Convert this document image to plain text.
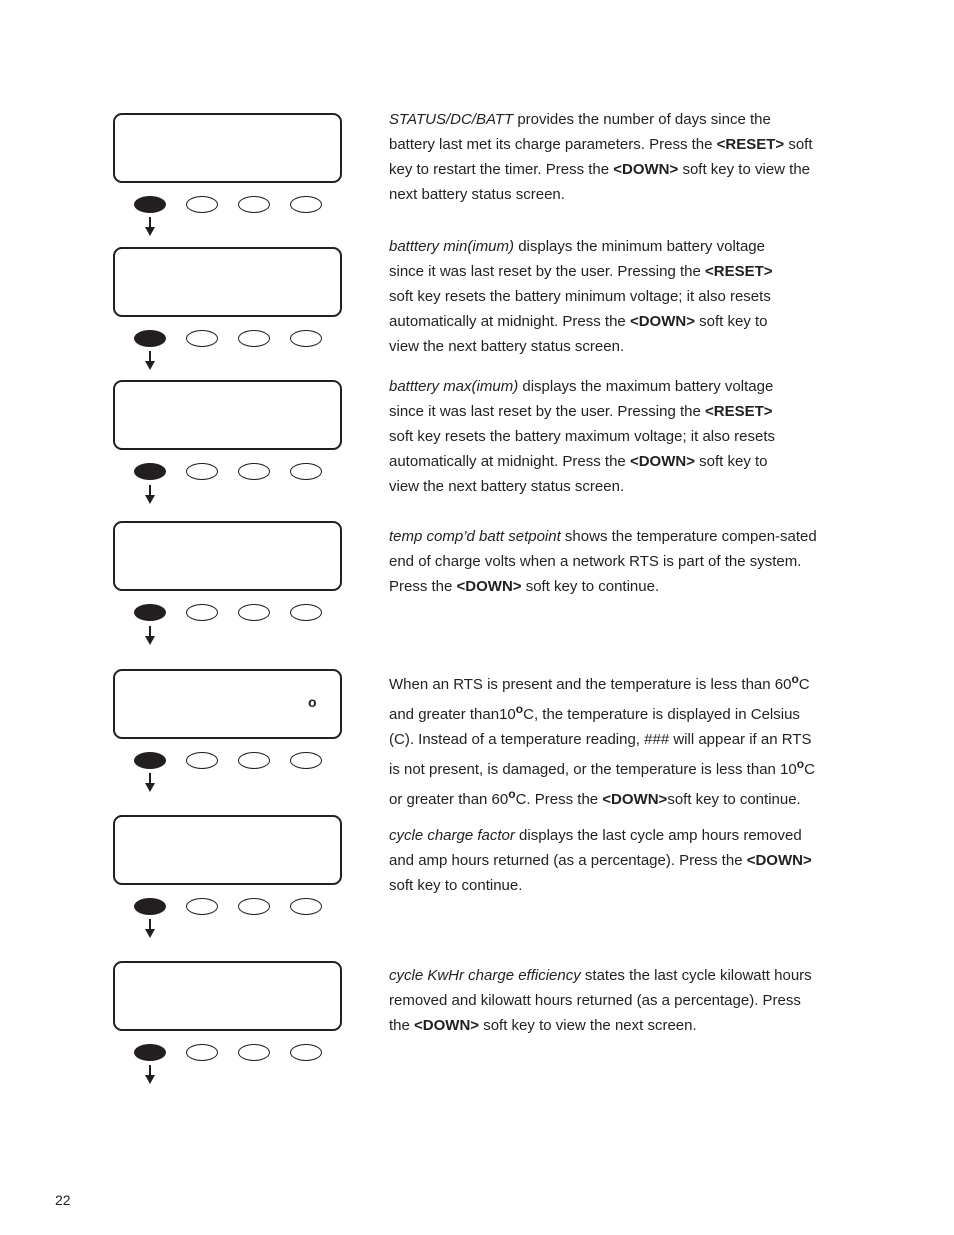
o

STATUS/DC/BATT provides the number of days since the battery last met its charge parameters. Press the <RESET> soft key to restart the timer. Press the <DOWN> soft key to view the next battery status screen.

batttery min(imum) displays the minimum battery voltage since it was last reset by the user. Pressing the <RESET> soft key resets the battery minimum voltage; it also resets automatically at midnight. Press the <DOWN> soft key to view the next battery status screen.

batttery max(imum) displays the maximum battery voltage since it was last reset by the user. Pressing the <RESET> soft key resets the battery maximum voltage; it also resets automatically at midnight. Press the <DOWN> soft key to view the next battery status screen.

temp comp’d batt setpoint shows the temperature compen-sated end of charge volts when a network RTS is part of the system. Press the <DOWN> soft key to continue.

When an RTS is present and the temperature is less than 60$^o$C and greater than10$^o$C, the temperature is displayed in Celsius (C). Instead of a temperature reading, ### will appear if an RTS is not present, is damaged, or the temperature is less than 10$^o$C or greater than 60$^o$C. Press the <DOWN>soft key to continue.

cycle charge factor displays the last cycle amp hours removed and amp hours returned (as a percentage). Press the <DOWN> soft key to continue.

cycle KwHr charge efficiency states the last cycle kilowatt hours removed and kilowatt hours returned (as a percentage). Press the <DOWN> soft key to view the next screen.

22
